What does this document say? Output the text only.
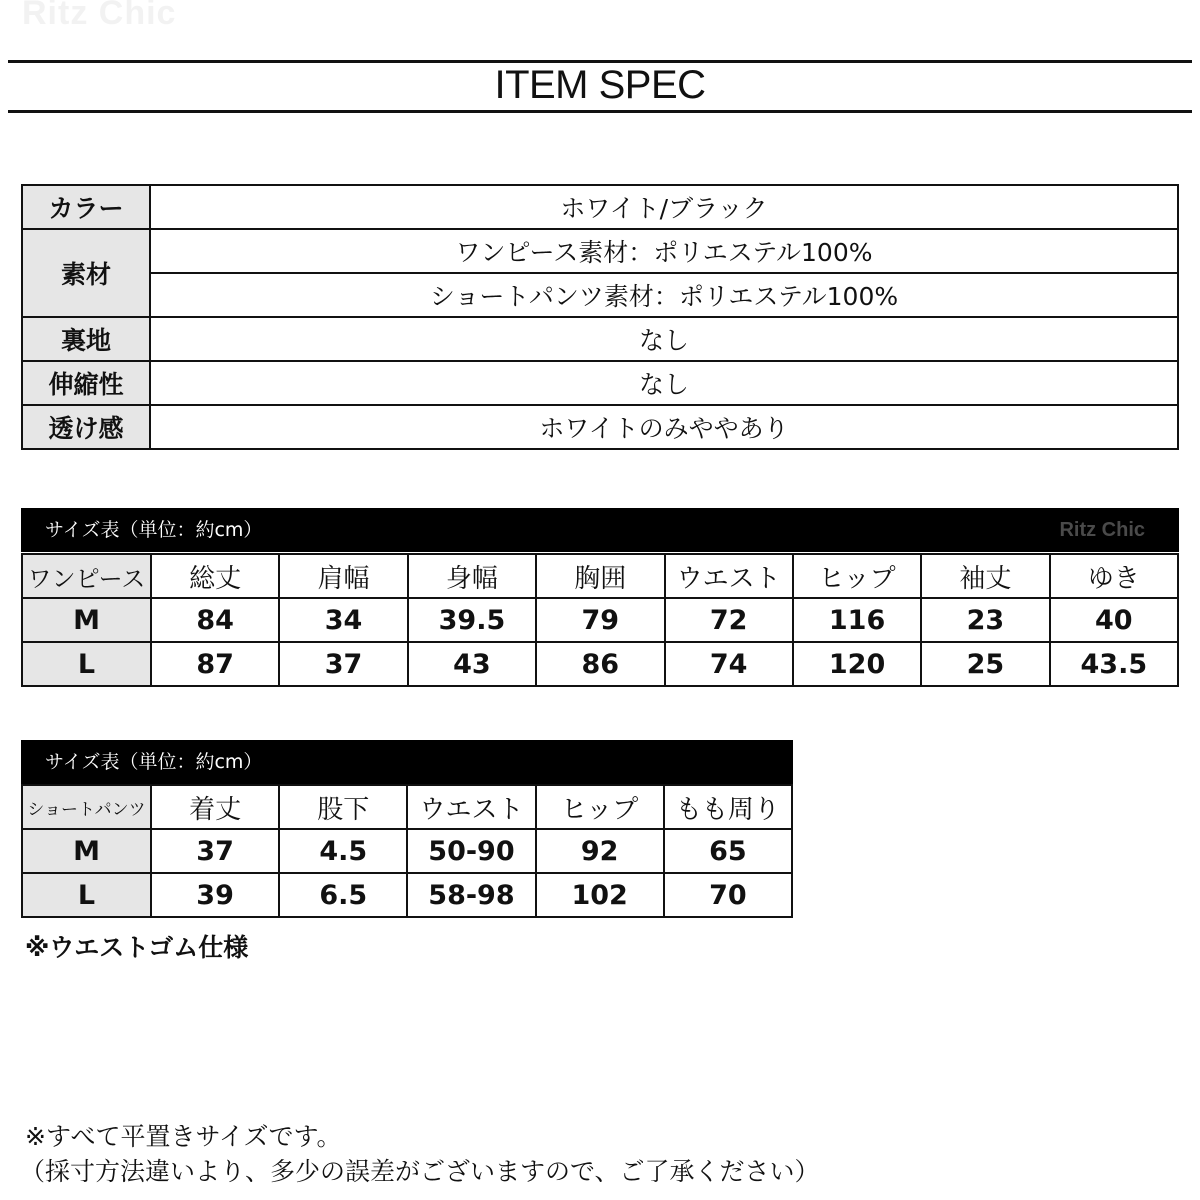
Ritz Chic
ITEM SPEC
カラー	ホワイト/ブラック
素材	ワンピース素材：ポリエステル100%
	ショートパンツ素材：ポリエステル100%
裏地	なし
伸縮性	なし
透け感	ホワイトのみややあり
サイズ表（単位：約cm）	Ritz Chic
ワンピース	総丈	肩幅	身幅	胸囲	ウエスト	ヒップ	袖丈	ゆき
M	84	34	39.5	79	72	116	23	40
L	87	37	43	86	74	120	25	43.5
サイズ表（単位：約cm）
ショートパンツ	着丈	股下	ウエスト	ヒップ	もも周り
M	37	4.5	50-90	92	65
L	39	6.5	58-98	102	70
※ウエストゴム仕様
※すべて平置きサイズです。
（採寸方法違いより、多少の誤差がございますので、ご了承ください）
